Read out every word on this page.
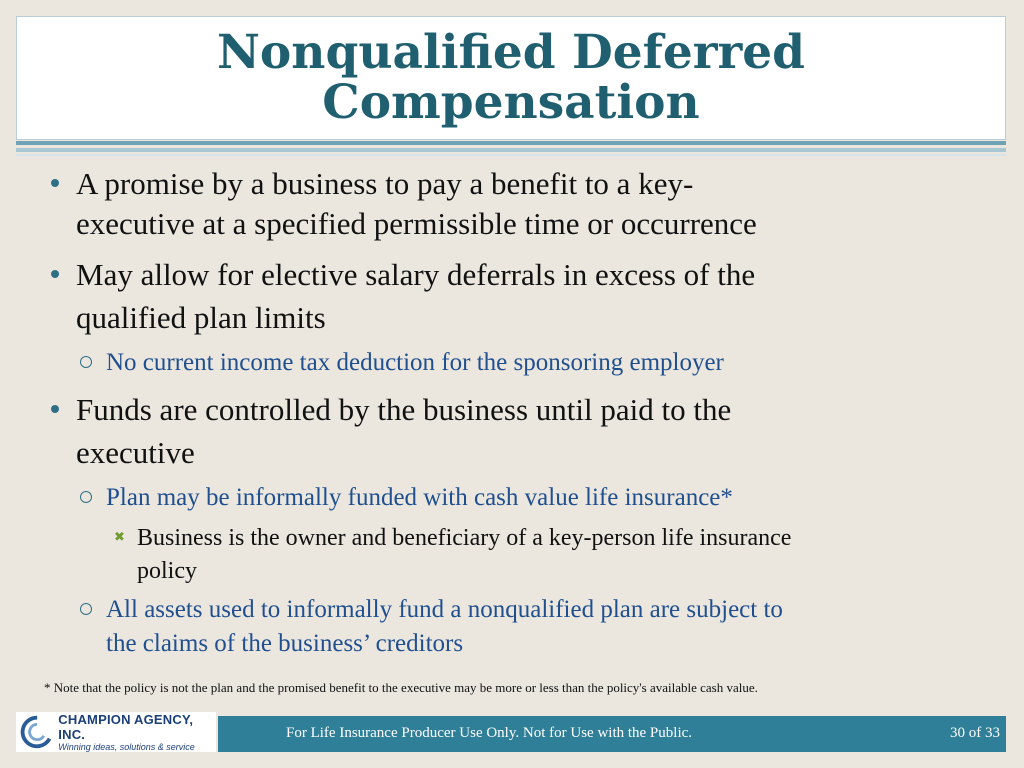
Nonqualified Deferred
Compensation
A promise by a business to pay a benefit to a key-
executive at a specified permissible time or occurrence
May allow for elective salary deferrals in excess of the
qualified plan limits
No current income tax deduction for the sponsoring employer
Funds are controlled by the business until paid to the
executive
Plan may be informally funded with cash value life insurance*
✖ Business is the owner and beneficiary of a key-person life insurance
policy
All assets used to informally fund a nonqualified plan are subject to
the claims of the business’ creditors
* Note that the policy is not the plan and the promised benefit to the executive may be more or less than the policy's available cash value.
CHAMPION AGENCY, INC.
Winning ideas, solutions & service
For Life Insurance Producer Use Only. Not for Use with the Public.	30 of 33
